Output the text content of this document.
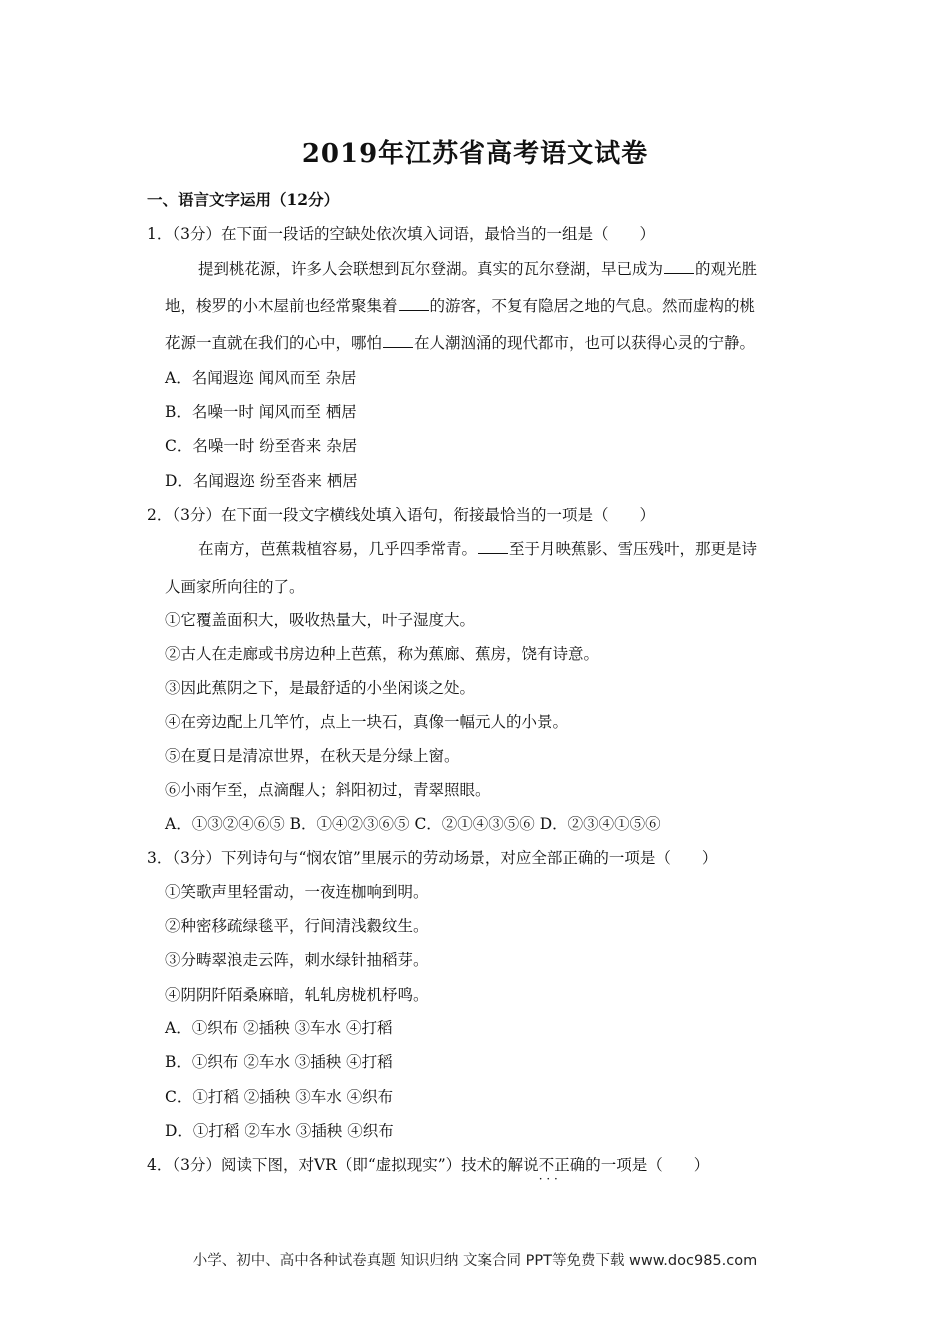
2019年江苏省高考语文试卷
一、语言文字运用（12分）
1．（3分）在下面一段话的空缺处依次填入词语，最恰当的一组是（　　）
提到桃花源，许多人会联想到瓦尔登湖。真实的瓦尔登湖，早已成为 的观光胜
地，梭罗的小木屋前也经常聚集着 的游客，不复有隐居之地的气息。然而虚构的桃
花源一直就在我们的心中，哪怕 在人潮汹涌的现代都市，也可以获得心灵的宁静。
A．名闻遐迩 闻风而至 杂居
B．名噪一时 闻风而至 栖居
C．名噪一时 纷至沓来 杂居
D．名闻遐迩 纷至沓来 栖居
2．（3分）在下面一段文字横线处填入语句，衔接最恰当的一项是（　　）
在南方，芭蕉栽植容易，几乎四季常青。 至于月映蕉影、雪压残叶，那更是诗
人画家所向往的了。
①它覆盖面积大，吸收热量大，叶子湿度大。
②古人在走廊或书房边种上芭蕉，称为蕉廊、蕉房，饶有诗意。
③因此蕉阴之下，是最舒适的小坐闲谈之处。
④在旁边配上几竿竹，点上一块石，真像一幅元人的小景。
⑤在夏日是清凉世界，在秋天是分绿上窗。
⑥小雨乍至，点滴醒人；斜阳初过，青翠照眼。
A．①③②④⑥⑤ B．①④②③⑥⑤ C．②①④③⑤⑥ D．②③④①⑤⑥
3．（3分）下列诗句与“悯农馆”里展示的劳动场景，对应全部正确的一项是（　　）
①笑歌声里轻雷动，一夜连枷响到明。
②种密移疏绿毯平，行间清浅縠纹生。
③分畴翠浪走云阵，刺水绿针抽稻芽。
④阴阴阡陌桑麻暗，轧轧房栊机杼鸣。
A．①织布 ②插秧 ③车水 ④打稻
B．①织布 ②车水 ③插秧 ④打稻
C．①打稻 ②插秧 ③车水 ④织布
D．①打稻 ②车水 ③插秧 ④织布
4．（3分）阅读下图，对VR（即“虚拟现实”）技术的解说不正确 · · ·的一项是（　　）
小学、初中、高中各种试卷真题 知识归纳 文案合同 PPT等免费下载 www.doc985.com
